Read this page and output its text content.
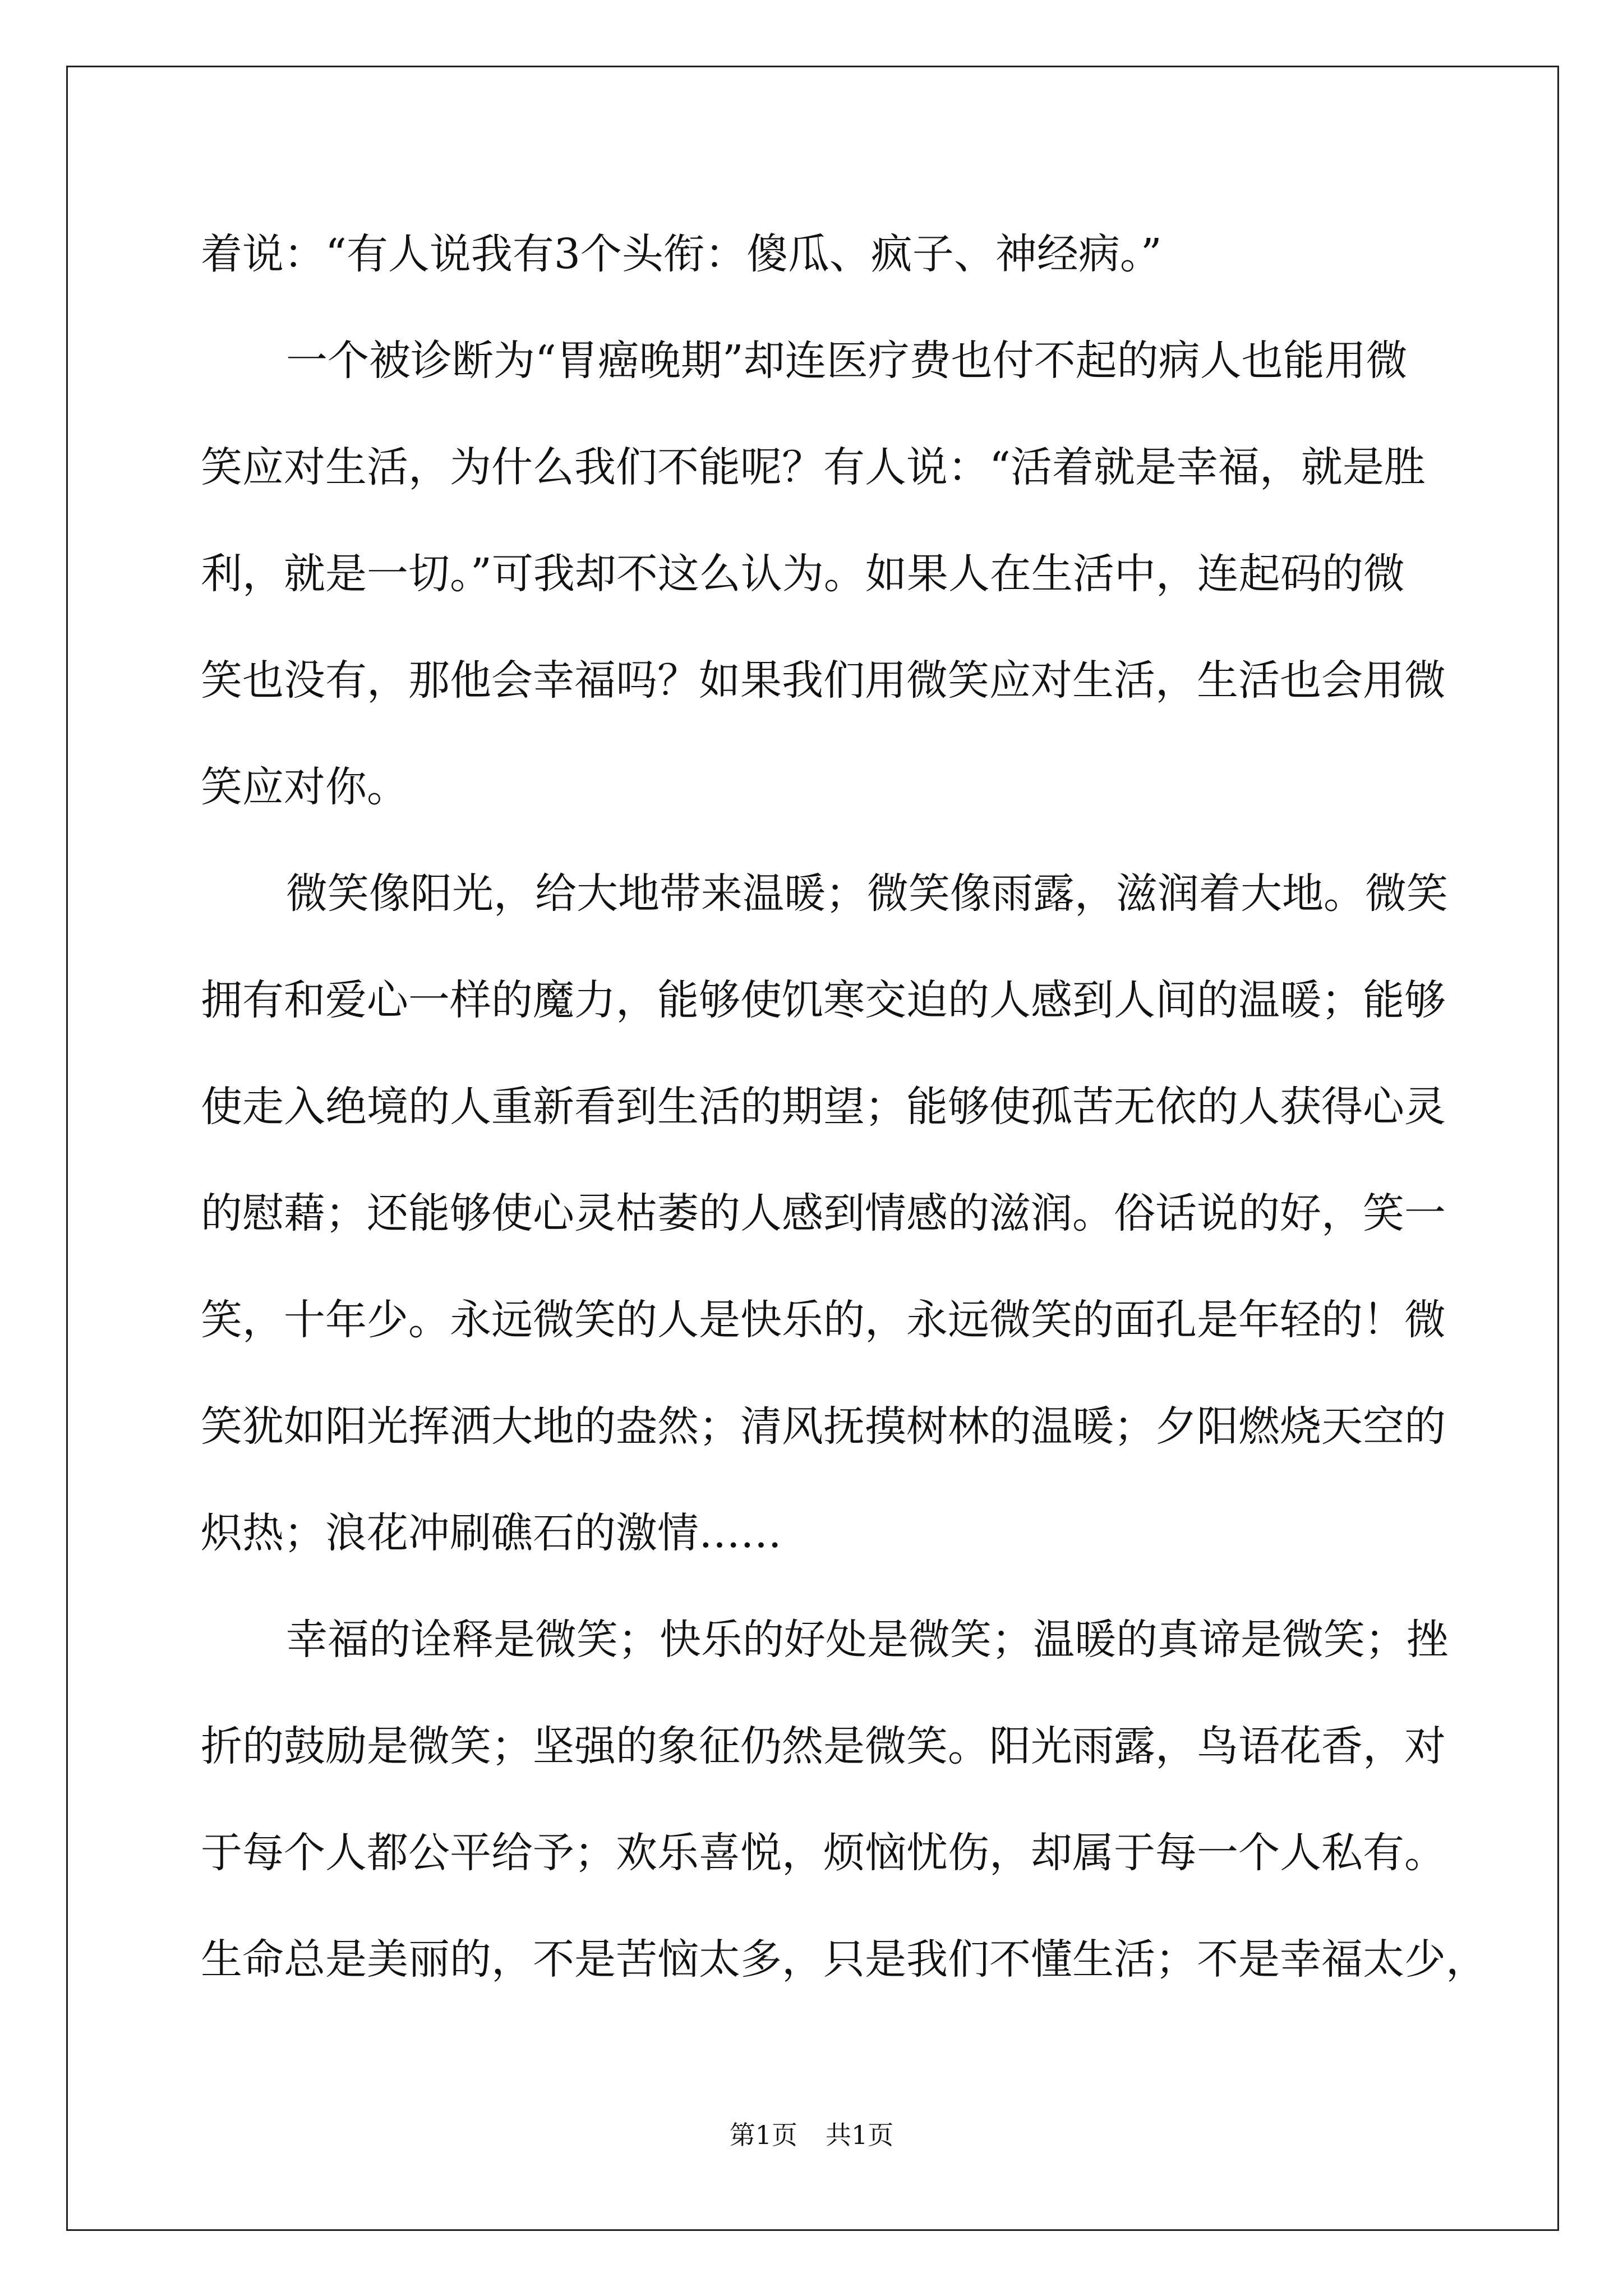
着说：“有人说我有3个头衔：傻瓜、疯子、神经病。”
一个被诊断为“胃癌晚期”却连医疗费也付不起的病人也能用微
笑应对生活，为什么我们不能呢？有人说：“活着就是幸福，就是胜
利，就是一切。”可我却不这么认为。如果人在生活中，连起码的微
笑也没有，那他会幸福吗？如果我们用微笑应对生活，生活也会用微
笑应对你。
微笑像阳光，给大地带来温暖；微笑像雨露，滋润着大地。微笑
拥有和爱心一样的魔力，能够使饥寒交迫的人感到人间的温暖；能够
使走入绝境的人重新看到生活的期望；能够使孤苦无依的人获得心灵
的慰藉；还能够使心灵枯萎的人感到情感的滋润。俗话说的好，笑一
笑，十年少。永远微笑的人是快乐的，永远微笑的面孔是年轻的！微
笑犹如阳光挥洒大地的盎然；清风抚摸树林的温暖；夕阳燃烧天空的
炽热；浪花冲刷礁石的激情……
幸福的诠释是微笑；快乐的好处是微笑；温暖的真谛是微笑；挫
折的鼓励是微笑；坚强的象征仍然是微笑。阳光雨露，鸟语花香，对
于每个人都公平给予；欢乐喜悦，烦恼忧伤，却属于每一个人私有。
生命总是美丽的，不是苦恼太多，只是我们不懂生活；不是幸福太少，
第1页 共1页
